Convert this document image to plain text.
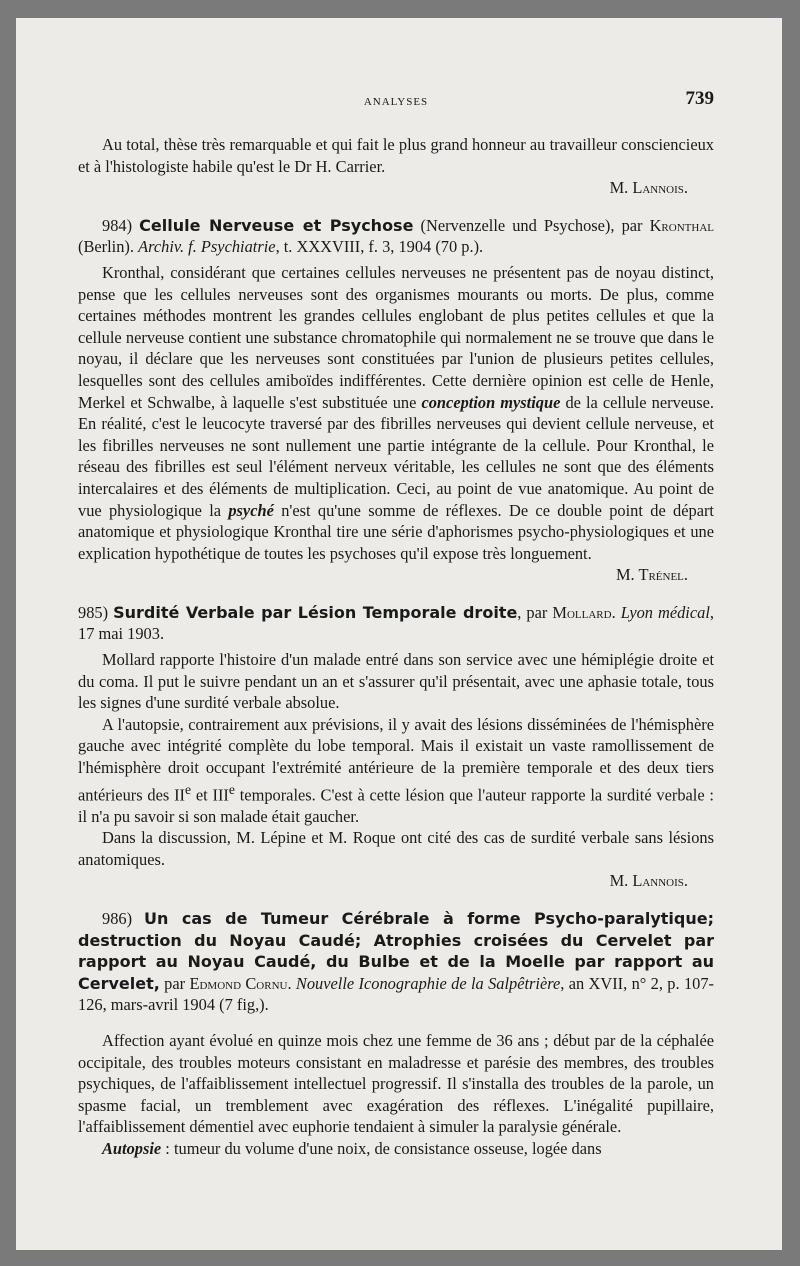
ANALYSES	739

Au total, thèse très remarquable et qui fait le plus grand honneur au travailleur consciencieux et à l'histologiste habile qu'est le Dr H. Carrier.

M. Lannois.

984) Cellule Nerveuse et Psychose (Nervenzelle und Psychose), par Kronthal (Berlin). Archiv. f. Psychiatrie, t. XXXVIII, f. 3, 1904 (70 p.).

Kronthal, considérant que certaines cellules nerveuses ne présentent pas de noyau distinct, pense que les cellules nerveuses sont des organismes mourants ou morts. De plus, comme certaines méthodes montrent les grandes cellules englobant de plus petites cellules et que la cellule nerveuse contient une substance chromatophile qui normalement ne se trouve que dans le noyau, il déclare que les nerveuses sont constituées par l'union de plusieurs petites cellules, lesquelles sont des cellules amiboïdes indifférentes. Cette dernière opinion est celle de Henle, Merkel et Schwalbe, à laquelle s'est substituée une conception mystique de la cellule nerveuse. En réalité, c'est le leucocyte traversé par des fibrilles nerveuses qui devient cellule nerveuse, et les fibrilles nerveuses ne sont nullement une partie intégrante de la cellule. Pour Kronthal, le réseau des fibrilles est seul l'élément nerveux véritable, les cellules ne sont que des éléments intercalaires et des éléments de multiplication. Ceci, au point de vue anatomique. Au point de vue physiologique la psyché n'est qu'une somme de réflexes. De ce double point de départ anatomique et physiologique Kronthal tire une série d'aphorismes psycho-physiologiques et une explication hypothétique de toutes les psychoses qu'il expose très longuement.

M. Trénel.

985) Surdité Verbale par Lésion Temporale droite, par Mollard. Lyon médical, 17 mai 1903.

Mollard rapporte l'histoire d'un malade entré dans son service avec une hémiplégie droite et du coma. Il put le suivre pendant un an et s'assurer qu'il présentait, avec une aphasie totale, tous les signes d'une surdité verbale absolue.

A l'autopsie, contrairement aux prévisions, il y avait des lésions disséminées de l'hémisphère gauche avec intégrité complète du lobe temporal. Mais il existait un vaste ramollissement de l'hémisphère droit occupant l'extrémité antérieure de la première temporale et des deux tiers antérieurs des IIe et IIIe temporales. C'est à cette lésion que l'auteur rapporte la surdité verbale : il n'a pu savoir si son malade était gaucher.

Dans la discussion, M. Lépine et M. Roque ont cité des cas de surdité verbale sans lésions anatomiques.

M. Lannois.

986) Un cas de Tumeur Cérébrale à forme Psycho-paralytique; destruction du Noyau Caudé; Atrophies croisées du Cervelet par rapport au Noyau Caudé, du Bulbe et de la Moelle par rapport au Cervelet, par Edmond Cornu. Nouvelle Iconographie de la Salpêtrière, an XVII, n° 2, p. 107-126, mars-avril 1904 (7 fig,).

Affection ayant évolué en quinze mois chez une femme de 36 ans ; début par de la céphalée occipitale, des troubles moteurs consistant en maladresse et parésie des membres, des troubles psychiques, de l'affaiblissement intellectuel progressif. Il s'installa des troubles de la parole, un spasme facial, un tremblement avec exagération des réflexes. L'inégalité pupillaire, l'affaiblissement démentiel avec euphorie tendaient à simuler la paralysie générale.

Autopsie : tumeur du volume d'une noix, de consistance osseuse, logée dans
